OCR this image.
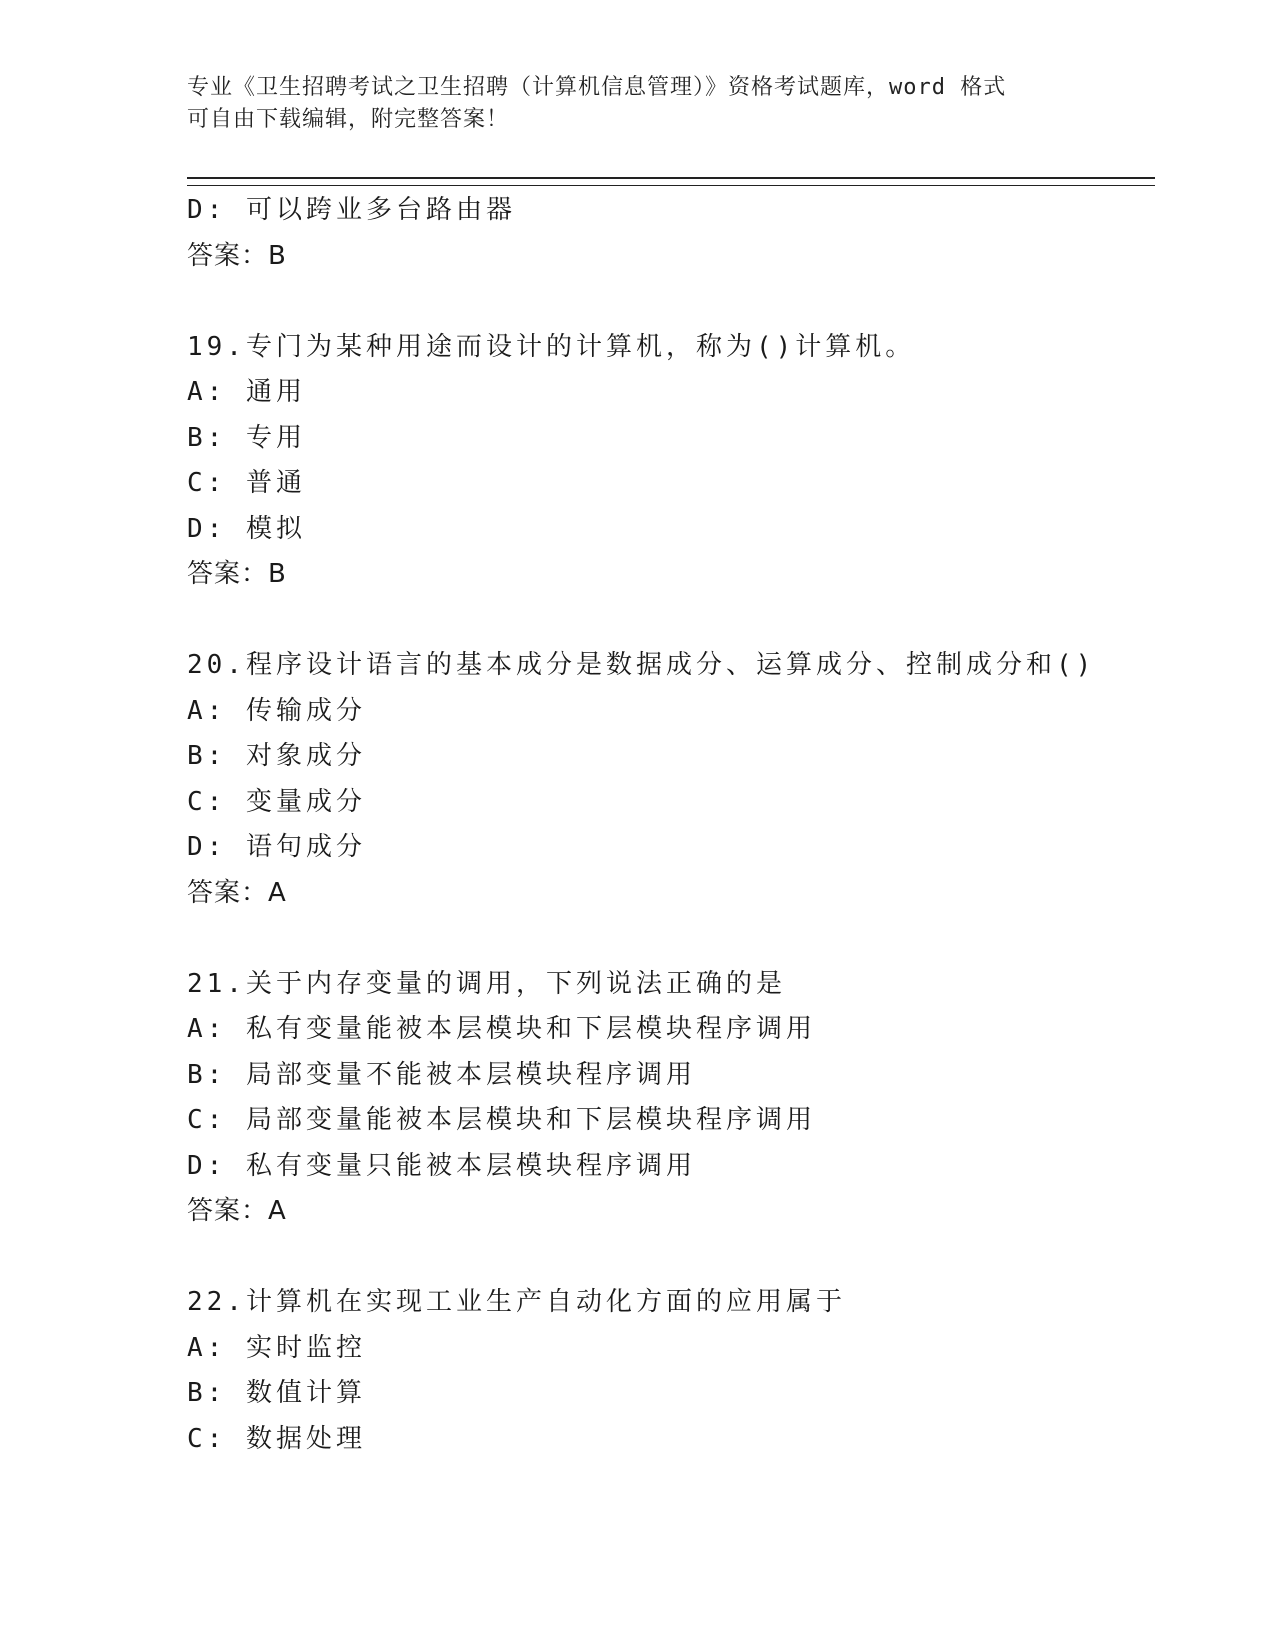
专业《卫生招聘考试之卫生招聘（计算机信息管理）》资格考试题库，word 格式
可自由下载编辑，附完整答案！
D: 可以跨业多台路由器
答案：B
19.专门为某种用途而设计的计算机，称为()计算机。
A: 通用
B: 专用
C: 普通
D: 模拟
答案：B
20.程序设计语言的基本成分是数据成分、运算成分、控制成分和()
A: 传输成分
B: 对象成分
C: 变量成分
D: 语句成分
答案：A
21.关于内存变量的调用，下列说法正确的是
A: 私有变量能被本层模块和下层模块程序调用
B: 局部变量不能被本层模块程序调用
C: 局部变量能被本层模块和下层模块程序调用
D: 私有变量只能被本层模块程序调用
答案：A
22.计算机在实现工业生产自动化方面的应用属于
A: 实时监控
B: 数值计算
C: 数据处理
